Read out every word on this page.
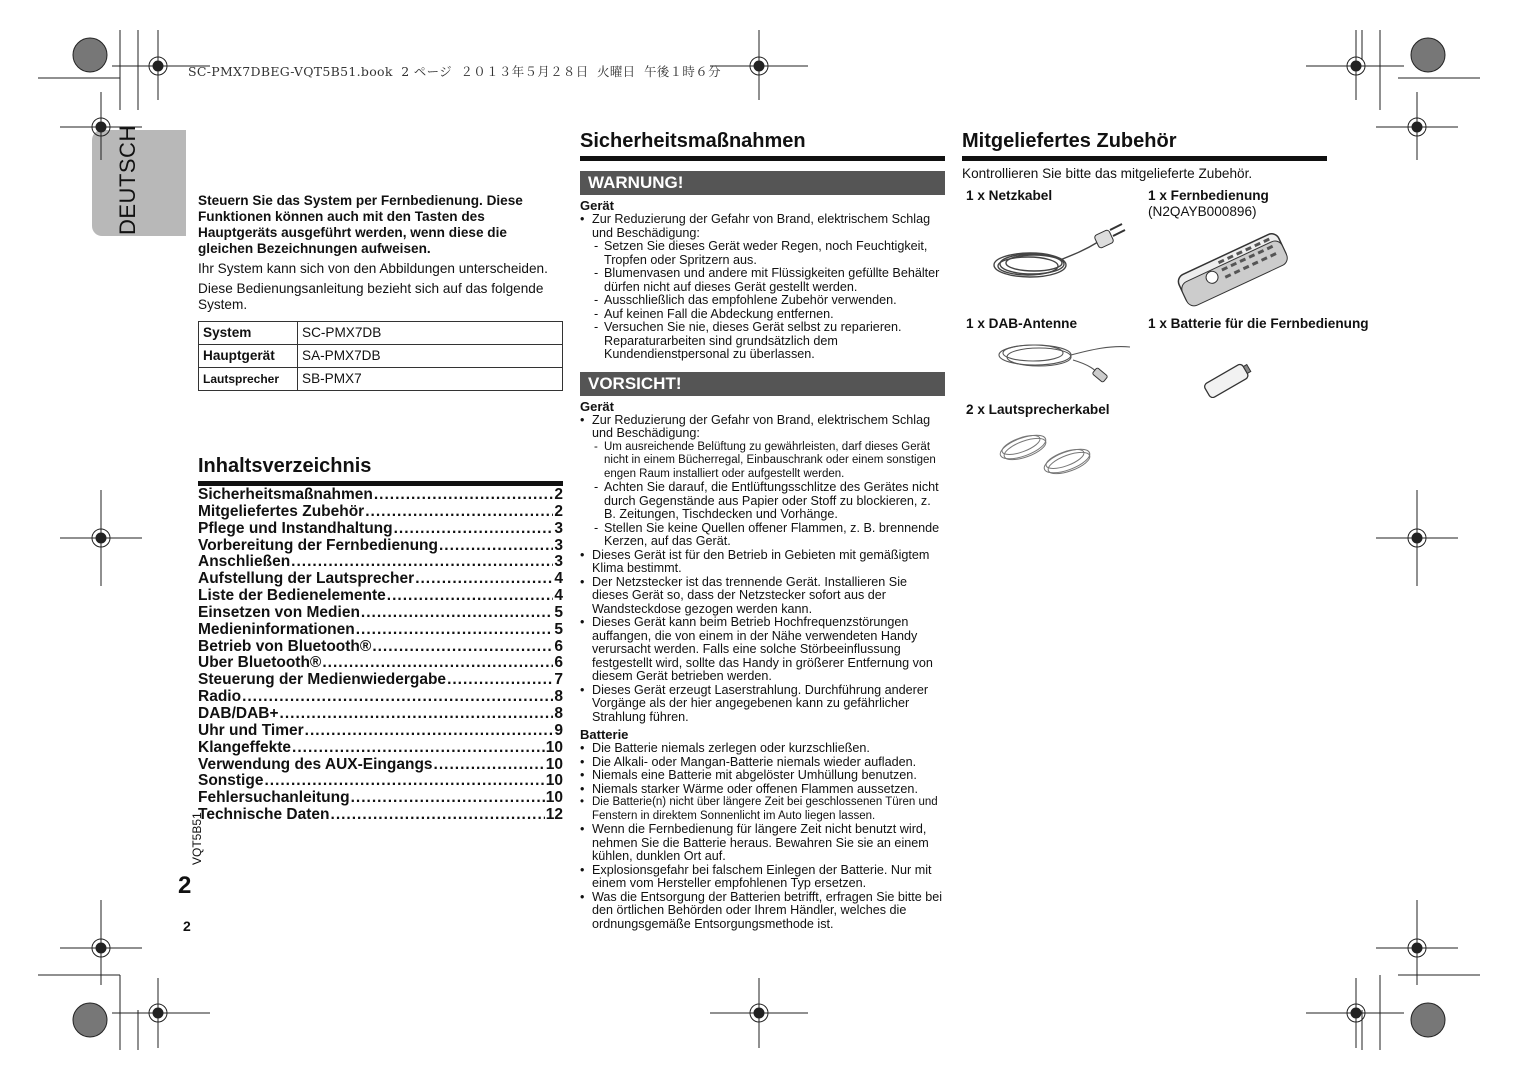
SC-PMX7DBEG-VQT5B51.book  2 ページ  ２０１３年５月２８日  火曜日  午後１時６分
DEUTSCH
VQT5B51
2
2

Steuern Sie das System per Fernbedienung. Diese Funktionen können auch mit den Tasten des Hauptgeräts ausgeführt werden, wenn diese die gleichen Bezeichnungen aufweisen.

Ihr System kann sich von den Abbildungen unterscheiden.

Diese Bedienungsanleitung bezieht sich auf das folgende System.

System	SC-PMX7DB
Hauptgerät	SA-PMX7DB
Lautsprecher	SB-PMX7
Inhaltsverzeichnis
Sicherheitsmaßnahmen .....	2
Mitgeliefertes Zubehör .....	2
Pflege und Instandhaltung .....	3
Vorbereitung der Fernbedienung .....	3
Anschließen .....	3
Aufstellung der Lautsprecher .....	4
Liste der Bedienelemente .....	4
Einsetzen von Medien .....	5
Medieninformationen .....	5
Betrieb von Bluetooth® .....	6
Über Bluetooth® .....	6
Steuerung der Medienwiedergabe .....	7
Radio .....	8
DAB/DAB+ .....	8
Uhr und Timer .....	9
Klangeffekte .....	10
Verwendung des AUX-Eingangs .....	10
Sonstige .....	10
Fehlersuchanleitung .....	10
Technische Daten .....	12
Sicherheitsmaßnahmen
WARNUNG!
Gerät
• Zur Reduzierung der Gefahr von Brand, elektrischem Schlag und Beschädigung:
- Setzen Sie dieses Gerät weder Regen, noch Feuchtigkeit, Tropfen oder Spritzern aus.
- Blumenvasen und andere mit Flüssigkeiten gefüllte Behälter dürfen nicht auf dieses Gerät gestellt werden.
- Ausschließlich das empfohlene Zubehör verwenden.
- Auf keinen Fall die Abdeckung entfernen.
- Versuchen Sie nie, dieses Gerät selbst zu reparieren. Reparaturarbeiten sind grundsätzlich dem Kundendienstpersonal zu überlassen.
VORSICHT!
Gerät
• Zur Reduzierung der Gefahr von Brand, elektrischem Schlag und Beschädigung:
- Um ausreichende Belüftung zu gewährleisten, darf dieses Gerät nicht in einem Bücherregal, Einbauschrank oder einem sonstigen engen Raum installiert oder aufgestellt werden.
- Achten Sie darauf, die Entlüftungsschlitze des Gerätes nicht durch Gegenstände aus Papier oder Stoff zu blockieren, z. B. Zeitungen, Tischdecken und Vorhänge.
- Stellen Sie keine Quellen offener Flammen, z. B. brennende Kerzen, auf das Gerät.
• Dieses Gerät ist für den Betrieb in Gebieten mit gemäßigtem Klima bestimmt.
• Der Netzstecker ist das trennende Gerät. Installieren Sie dieses Gerät so, dass der Netzstecker sofort aus der Wandsteckdose gezogen werden kann.
• Dieses Gerät kann beim Betrieb Hochfrequenzstörungen auffangen, die von einem in der Nähe verwendeten Handy verursacht werden. Falls eine solche Störbeeinflussung festgestellt wird, sollte das Handy in größerer Entfernung von diesem Gerät betrieben werden.
• Dieses Gerät erzeugt Laserstrahlung. Durchführung anderer Vorgänge als der hier angegebenen kann zu gefährlicher Strahlung führen.
Batterie
• Die Batterie niemals zerlegen oder kurzschließen.
• Die Alkali- oder Mangan-Batterie niemals wieder aufladen.
• Niemals eine Batterie mit abgelöster Umhüllung benutzen.
• Niemals starker Wärme oder offenen Flammen aussetzen.
• Die Batterie(n) nicht über längere Zeit bei geschlossenen Türen und Fenstern in direktem Sonnenlicht im Auto liegen lassen.
• Wenn die Fernbedienung für längere Zeit nicht benutzt wird, nehmen Sie die Batterie heraus. Bewahren Sie sie an einem kühlen, dunklen Ort auf.
• Explosionsgefahr bei falschem Einlegen der Batterie. Nur mit einem vom Hersteller empfohlenen Typ ersetzen.
• Was die Entsorgung der Batterien betrifft, erfragen Sie bitte bei den örtlichen Behörden oder Ihrem Händler, welches die ordnungsgemäße Entsorgungsmethode ist.
Mitgeliefertes Zubehör
Kontrollieren Sie bitte das mitgelieferte Zubehör.
1 x Netzkabel	1 x Fernbedienung
(N2QAYB000896)
1 x DAB-Antenne	1 x Batterie für die Fernbedienung
2 x Lautsprecherkabel
